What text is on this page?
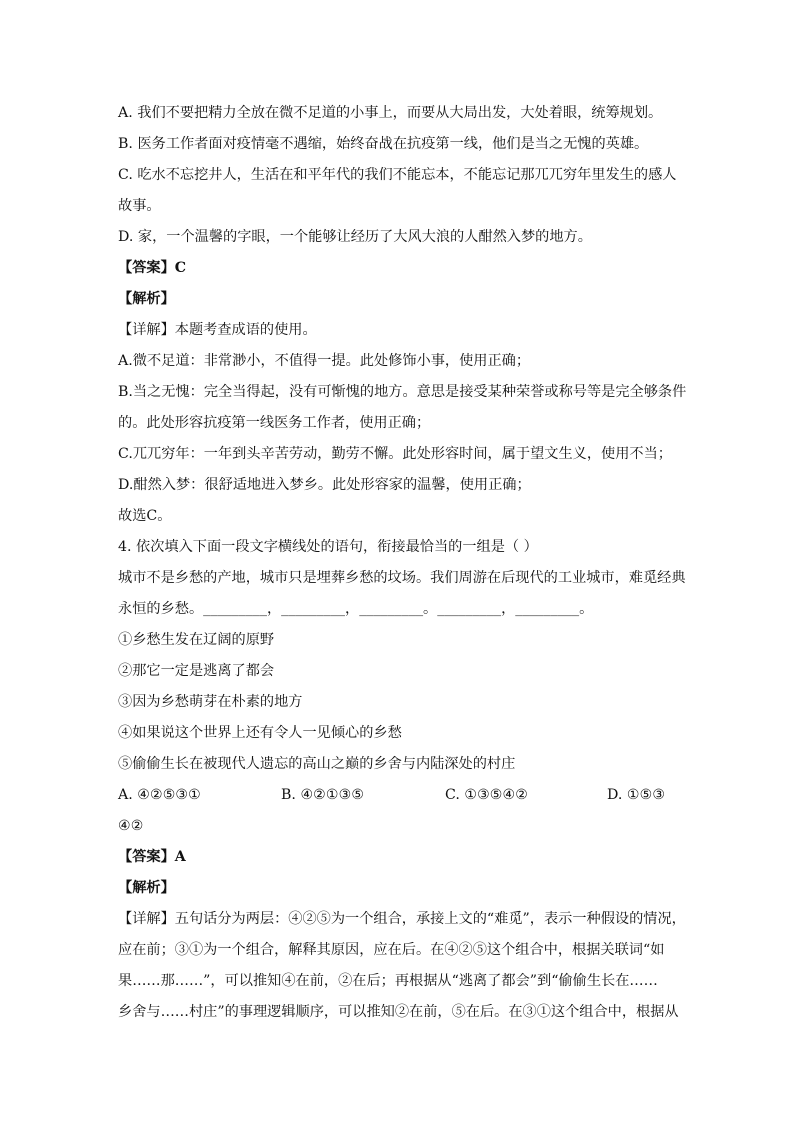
A. 我们不要把精力全放在微不足道的小事上，而要从大局出发，大处着眼，统筹规划。
B. 医务工作者面对疫情毫不遇缩，始终奋战在抗疫第一线，他们是当之无愧的英雄。
C. 吃水不忘挖井人，生活在和平年代的我们不能忘本，不能忘记那兀兀穷年里发生的感人
故事。
D. 家，一个温馨的字眼，一个能够让经历了大风大浪的人酣然入梦的地方。
【答案】C
【解析】
【详解】本题考查成语的使用。
A.微不足道：非常渺小，不值得一提。此处修饰小事，使用正确；
B.当之无愧：完全当得起，没有可惭愧的地方。意思是接受某种荣誉或称号等是完全够条件
的。此处形容抗疫第一线医务工作者，使用正确；
C.兀兀穷年：一年到头辛苦劳动，勤劳不懈。此处形容时间，属于望文生义，使用不当；
D.酣然入梦：很舒适地进入梦乡。此处形容家的温馨，使用正确；
故选C。
4. 依次填入下面一段文字横线处的语句，衔接最恰当的一组是（ ）
城市不是乡愁的产地，城市只是埋葬乡愁的坟场。我们周游在后现代的工业城市，难觅经典
永恒的乡愁。_________，_________，_________。_________，_________。
①乡愁生发在辽阔的原野
②那它一定是逃离了都会
③因为乡愁萌芽在朴素的地方
④如果说这个世界上还有令人一见倾心的乡愁
⑤偷偷生长在被现代人遗忘的高山之巅的乡舍与内陆深处的村庄
A. ④②⑤③①	B. ④②①③⑤	C. ①③⑤④②	D. ①⑤③
④②
【答案】A
【解析】
【详解】五句话分为两层：④②⑤为一个组合，承接上文的“难觅”，表示一种假设的情况，
应在前；③①为一个组合，解释其原因，应在后。在④②⑤这个组合中，根据关联词“如
果……那……”，可以推知④在前，②在后；再根据从“逃离了都会”到“偷偷生长在……
乡舍与……村庄”的事理逻辑顺序，可以推知②在前，⑤在后。在③①这个组合中，根据从
